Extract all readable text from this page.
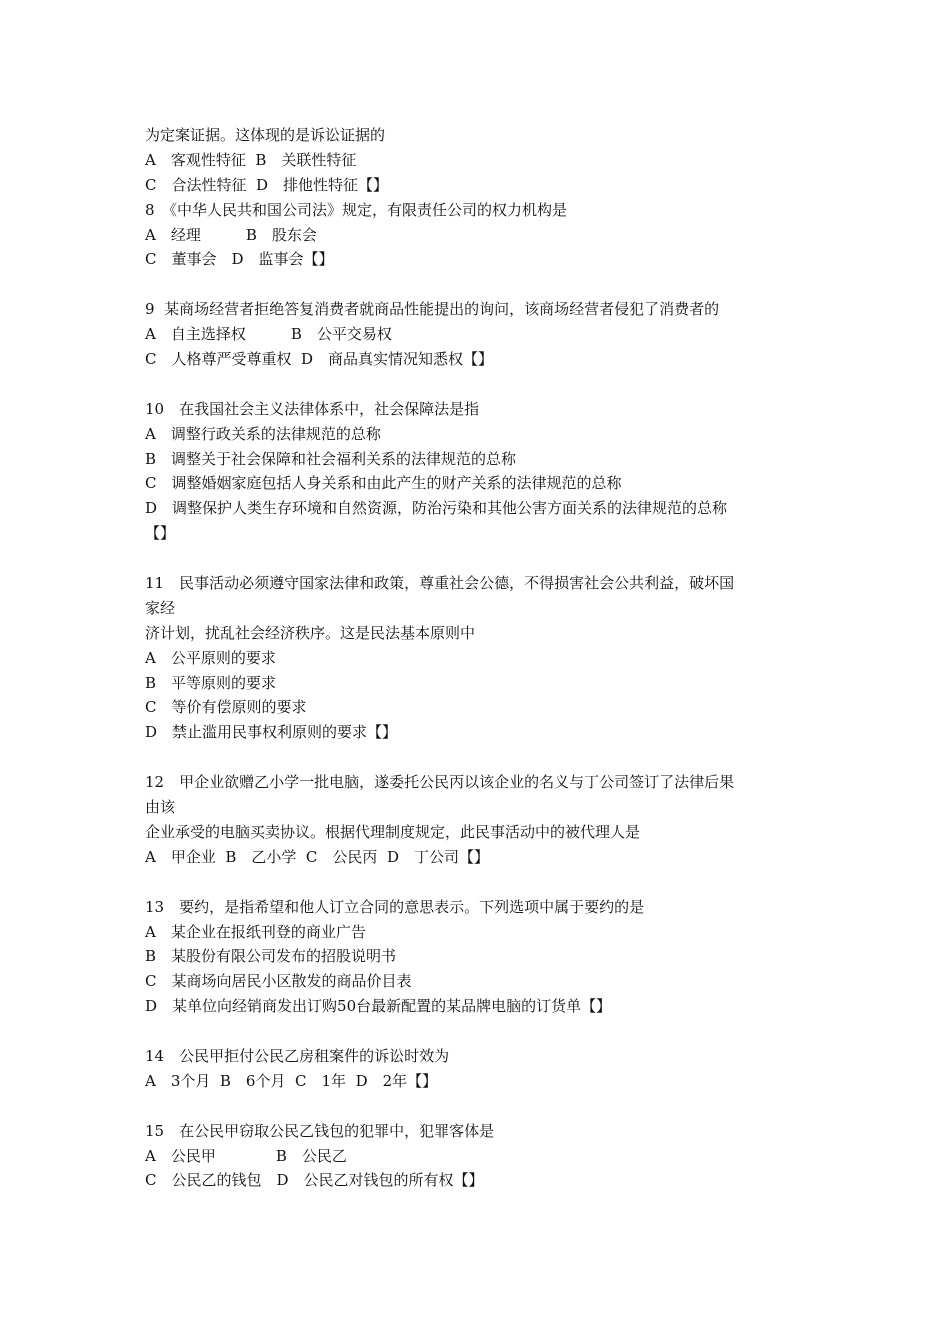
为定案证据。这体现的是诉讼证据的
A　客观性特征  B　关联性特征
C　合法性特征  D　排他性特征【】
8　《中华人民共和国公司法》规定，有限责任公司的权力机构是
A　经理　　　B　股东会
C　董事会　D　监事会【】
9  某商场经营者拒绝答复消费者就商品性能提出的询问，该商场经营者侵犯了消费者的
A　自主选择权　　　B　公平交易权
C　人格尊严受尊重权  D　商品真实情况知悉权【】
10　在我国社会主义法律体系中，社会保障法是指
A　调整行政关系的法律规范的总称
B　调整关于社会保障和社会福利关系的法律规范的总称
C　调整婚姻家庭包括人身关系和由此产生的财产关系的法律规范的总称
D　调整保护人类生存环境和自然资源，防治污染和其他公害方面关系的法律规范的总称
【】
11　民事活动必须遵守国家法律和政策，尊重社会公德，不得损害社会公共利益，破坏国
家经
济计划，扰乱社会经济秩序。这是民法基本原则中
A　公平原则的要求
B　平等原则的要求
C　等价有偿原则的要求
D　禁止滥用民事权利原则的要求【】
12　甲企业欲赠乙小学一批电脑，遂委托公民丙以该企业的名义与丁公司签订了法律后果
由该
企业承受的电脑买卖协议。根据代理制度规定，此民事活动中的被代理人是
A　甲企业  B　乙小学  C　公民丙  D　丁公司【】
13　要约，是指希望和他人订立合同的意思表示。下列选项中属于要约的是
A　某企业在报纸刊登的商业广告
B　某股份有限公司发布的招股说明书
C　某商场向居民小区散发的商品价目表
D　某单位向经销商发出订购50台最新配置的某品牌电脑的订货单【】
14　公民甲拒付公民乙房租案件的诉讼时效为
A　3个月  B　6个月  C　1年  D　2年【】
15　在公民甲窃取公民乙钱包的犯罪中，犯罪客体是
A　公民甲　　　　B　公民乙
C　公民乙的钱包　D　公民乙对钱包的所有权【】
